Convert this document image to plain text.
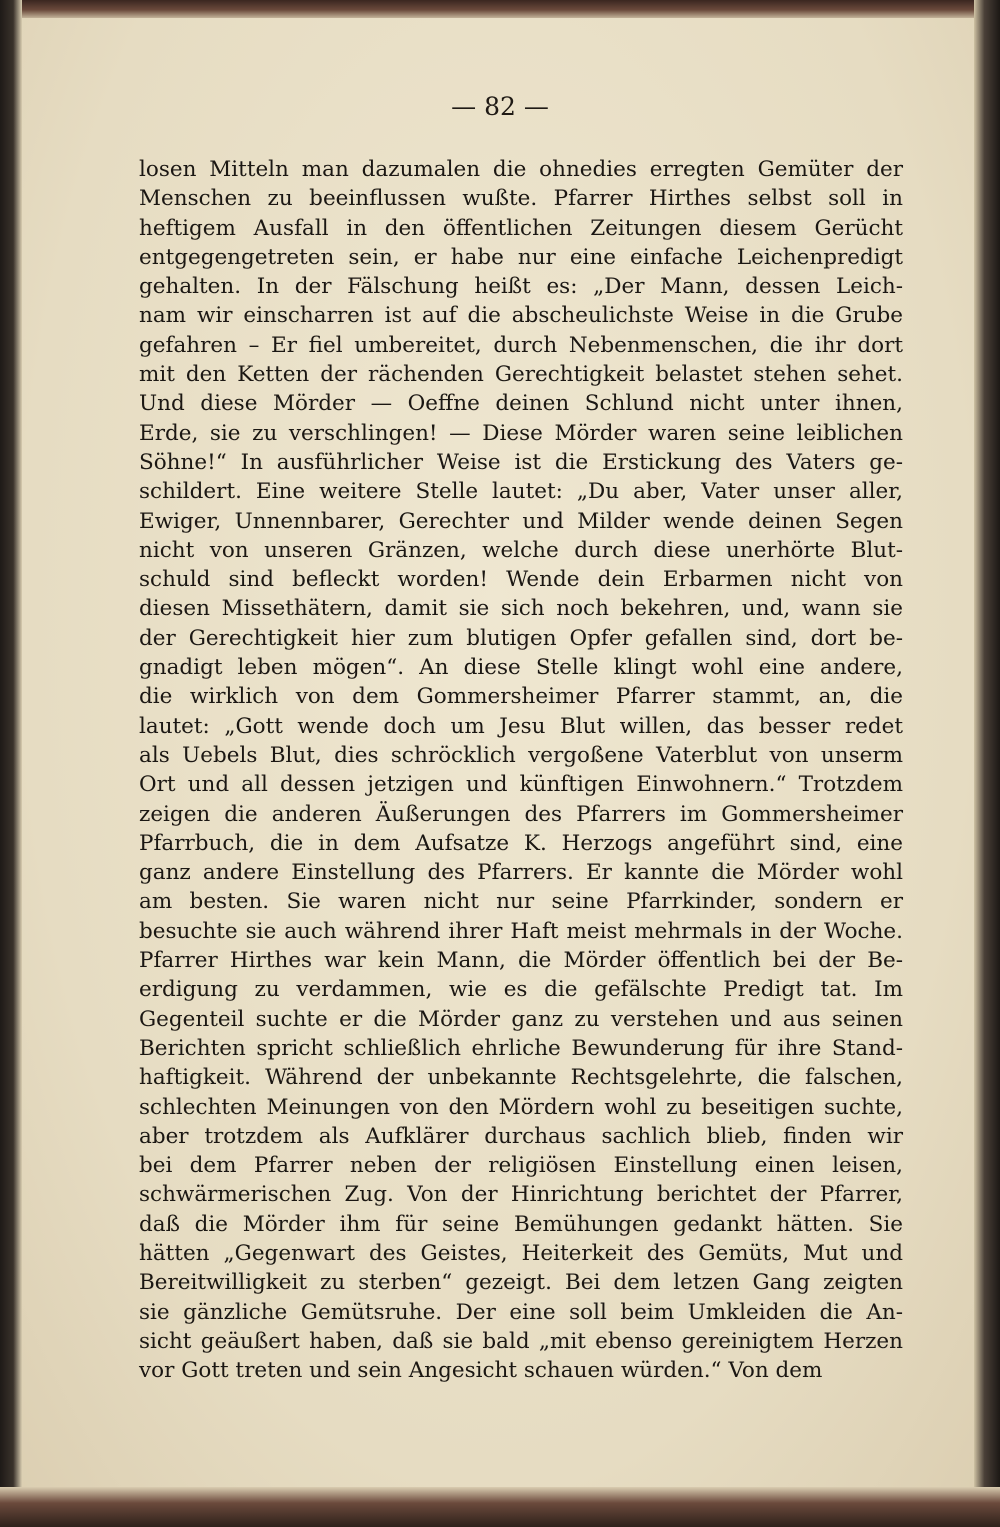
— 82 —
losen Mitteln man dazumalen die ohnedies erregten Gemüter der
Menschen zu beeinflussen wußte. Pfarrer Hirthes selbst soll in
heftigem Ausfall in den öffentlichen Zeitungen diesem Gerücht
entgegengetreten sein, er habe nur eine einfache Leichenpredigt
gehalten. In der Fälschung heißt es: „Der Mann, dessen Leich-
nam wir einscharren ist auf die abscheulichste Weise in die Grube
gefahren – Er fiel umbereitet, durch Nebenmenschen, die ihr dort
mit den Ketten der rächenden Gerechtigkeit belastet stehen sehet.
Und diese Mörder — Oeffne deinen Schlund nicht unter ihnen,
Erde, sie zu verschlingen! — Diese Mörder waren seine leiblichen
Söhne!“ In ausführlicher Weise ist die Erstickung des Vaters ge-
schildert. Eine weitere Stelle lautet: „Du aber, Vater unser aller,
Ewiger, Unnennbarer, Gerechter und Milder wende deinen Segen
nicht von unseren Gränzen, welche durch diese unerhörte Blut-
schuld sind befleckt worden! Wende dein Erbarmen nicht von
diesen Missethätern, damit sie sich noch bekehren, und, wann sie
der Gerechtigkeit hier zum blutigen Opfer gefallen sind, dort be-
gnadigt leben mögen“. An diese Stelle klingt wohl eine andere,
die wirklich von dem Gommersheimer Pfarrer stammt, an, die
lautet: „Gott wende doch um Jesu Blut willen, das besser redet
als Uebels Blut, dies schröcklich vergoßene Vaterblut von unserm
Ort und all dessen jetzigen und künftigen Einwohnern.“ Trotzdem
zeigen die anderen Äußerungen des Pfarrers im Gommersheimer
Pfarrbuch, die in dem Aufsatze K. Herzogs angeführt sind, eine
ganz andere Einstellung des Pfarrers. Er kannte die Mörder wohl
am besten. Sie waren nicht nur seine Pfarrkinder, sondern er
besuchte sie auch während ihrer Haft meist mehrmals in der Woche.
Pfarrer Hirthes war kein Mann, die Mörder öffentlich bei der Be-
erdigung zu verdammen, wie es die gefälschte Predigt tat. Im
Gegenteil suchte er die Mörder ganz zu verstehen und aus seinen
Berichten spricht schließlich ehrliche Bewunderung für ihre Stand-
haftigkeit. Während der unbekannte Rechtsgelehrte, die falschen,
schlechten Meinungen von den Mördern wohl zu beseitigen suchte,
aber trotzdem als Aufklärer durchaus sachlich blieb, finden wir
bei dem Pfarrer neben der religiösen Einstellung einen leisen,
schwärmerischen Zug. Von der Hinrichtung berichtet der Pfarrer,
daß die Mörder ihm für seine Bemühungen gedankt hätten. Sie
hätten „Gegenwart des Geistes, Heiterkeit des Gemüts, Mut und
Bereitwilligkeit zu sterben“ gezeigt. Bei dem letzen Gang zeigten
sie gänzliche Gemütsruhe. Der eine soll beim Umkleiden die An-
sicht geäußert haben, daß sie bald „mit ebenso gereinigtem Herzen
vor Gott treten und sein Angesicht schauen würden.“ Von dem
